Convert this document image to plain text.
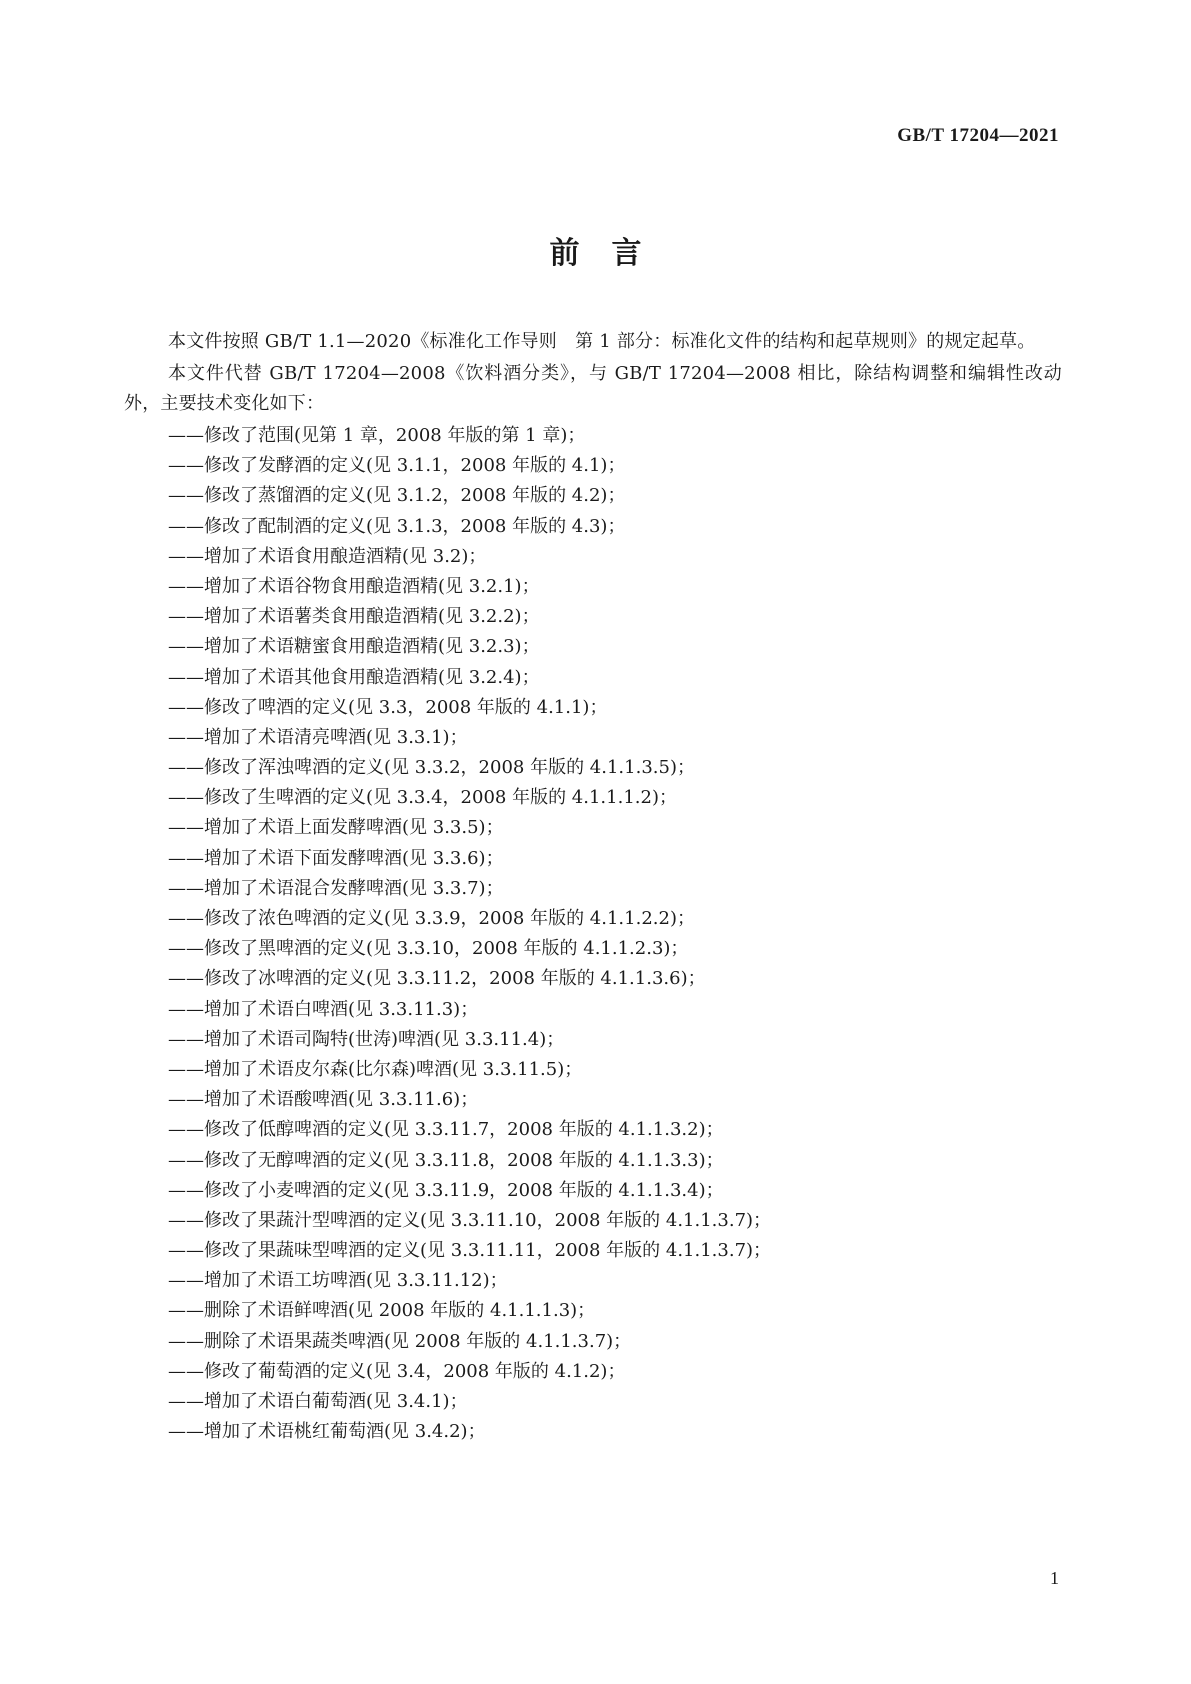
GB/T 17204—2021
前言

本文件按照 GB/T 1.1—2020《标准化工作导则　第 1 部分：标准化文件的结构和起草规则》的规定起草。

本文件代替 GB/T 17204—2008《饮料酒分类》，与 GB/T 17204—2008 相比，除结构调整和编辑性改动外，主要技术变化如下：

——修改了范围(见第 1 章，2008 年版的第 1 章)；

——修改了发酵酒的定义(见 3.1.1，2008 年版的 4.1)；

——修改了蒸馏酒的定义(见 3.1.2，2008 年版的 4.2)；

——修改了配制酒的定义(见 3.1.3，2008 年版的 4.3)；

——增加了术语食用酿造酒精(见 3.2)；

——增加了术语谷物食用酿造酒精(见 3.2.1)；

——增加了术语薯类食用酿造酒精(见 3.2.2)；

——增加了术语糖蜜食用酿造酒精(见 3.2.3)；

——增加了术语其他食用酿造酒精(见 3.2.4)；

——修改了啤酒的定义(见 3.3，2008 年版的 4.1.1)；

——增加了术语清亮啤酒(见 3.3.1)；

——修改了浑浊啤酒的定义(见 3.3.2，2008 年版的 4.1.1.3.5)；

——修改了生啤酒的定义(见 3.3.4，2008 年版的 4.1.1.1.2)；

——增加了术语上面发酵啤酒(见 3.3.5)；

——增加了术语下面发酵啤酒(见 3.3.6)；

——增加了术语混合发酵啤酒(见 3.3.7)；

——修改了浓色啤酒的定义(见 3.3.9，2008 年版的 4.1.1.2.2)；

——修改了黑啤酒的定义(见 3.3.10，2008 年版的 4.1.1.2.3)；

——修改了冰啤酒的定义(见 3.3.11.2，2008 年版的 4.1.1.3.6)；

——增加了术语白啤酒(见 3.3.11.3)；

——增加了术语司陶特(世涛)啤酒(见 3.3.11.4)；

——增加了术语皮尔森(比尔森)啤酒(见 3.3.11.5)；

——增加了术语酸啤酒(见 3.3.11.6)；

——修改了低醇啤酒的定义(见 3.3.11.7，2008 年版的 4.1.1.3.2)；

——修改了无醇啤酒的定义(见 3.3.11.8，2008 年版的 4.1.1.3.3)；

——修改了小麦啤酒的定义(见 3.3.11.9，2008 年版的 4.1.1.3.4)；

——修改了果蔬汁型啤酒的定义(见 3.3.11.10，2008 年版的 4.1.1.3.7)；

——修改了果蔬味型啤酒的定义(见 3.3.11.11，2008 年版的 4.1.1.3.7)；

——增加了术语工坊啤酒(见 3.3.11.12)；

——删除了术语鲜啤酒(见 2008 年版的 4.1.1.1.3)；

——删除了术语果蔬类啤酒(见 2008 年版的 4.1.1.3.7)；

——修改了葡萄酒的定义(见 3.4，2008 年版的 4.1.2)；

——增加了术语白葡萄酒(见 3.4.1)；

——增加了术语桃红葡萄酒(见 3.4.2)；

1
